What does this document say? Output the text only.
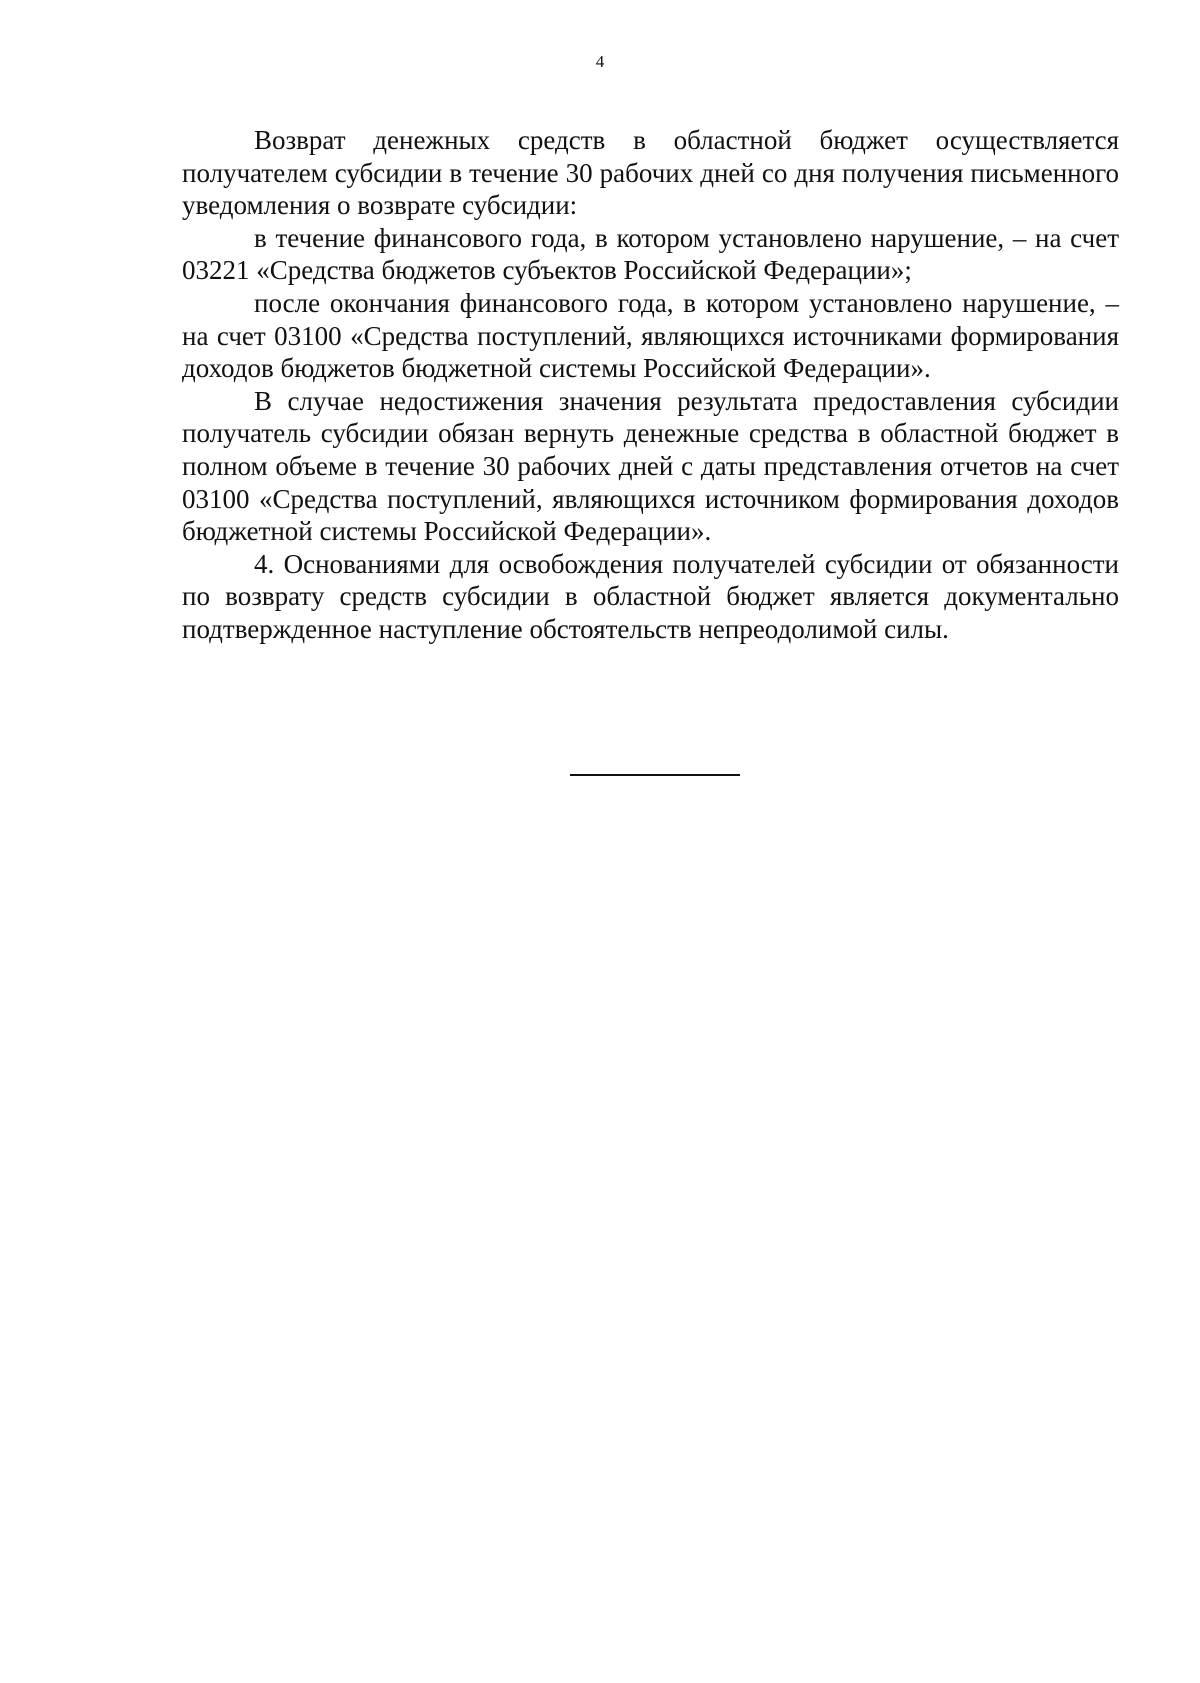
4

Возврат денежных средств в областной бюджет осуществляется получателем субсидии в течение 30 рабочих дней со дня получения письменного уведомления о возврате субсидии:

в течение финансового года, в котором установлено нарушение, – на счет 03221 «Средства бюджетов субъектов Российской Федерации»;

после окончания финансового года, в котором установлено нарушение, – на счет 03100 «Средства поступлений, являющихся источниками формирования доходов бюджетов бюджетной системы Российской Федерации».

В случае недостижения значения результата предоставления субсидии получатель субсидии обязан вернуть денежные средства в областной бюджет в полном объеме в течение 30 рабочих дней с даты представления отчетов на счет 03100 «Средства поступлений, являющихся источником формирования доходов бюджетной системы Российской Федерации».

4. Основаниями для освобождения получателей субсидии от обязанности по возврату средств субсидии в областной бюджет является документально подтвержденное наступление обстоятельств непреодолимой силы.
